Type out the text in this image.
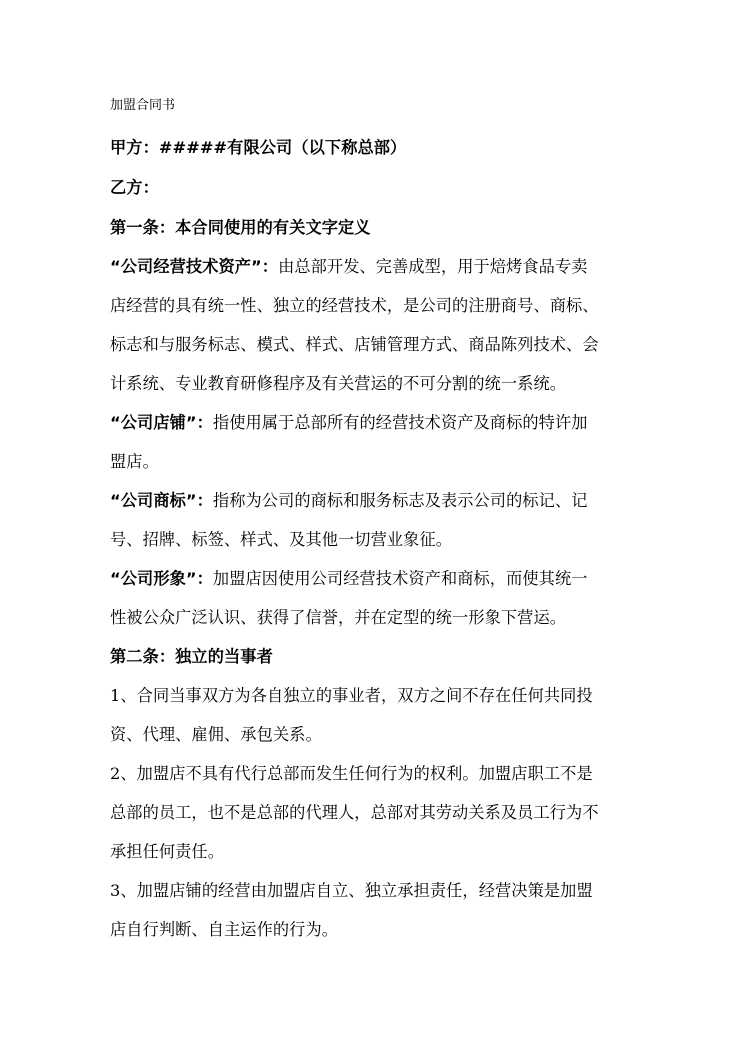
加盟合同书
甲方：#####有限公司（以下称总部）
乙方：
第一条：本合同使用的有关文字定义
“公司经营技术资产”：由总部开发、完善成型，用于焙烤食品专卖
店经营的具有统一性、独立的经营技术，是公司的注册商号、商标、
标志和与服务标志、模式、样式、店铺管理方式、商品陈列技术、会
计系统、专业教育研修程序及有关营运的不可分割的统一系统。
“公司店铺”：指使用属于总部所有的经营技术资产及商标的特许加
盟店。
“公司商标”：指称为公司的商标和服务标志及表示公司的标记、记
号、招牌、标签、样式、及其他一切营业象征。
“公司形象”：加盟店因使用公司经营技术资产和商标，而使其统一
性被公众广泛认识、获得了信誉，并在定型的统一形象下营运。
第二条：独立的当事者
1、合同当事双方为各自独立的事业者，双方之间不存在任何共同投
资、代理、雇佣、承包关系。
2、加盟店不具有代行总部而发生任何行为的权利。加盟店职工不是
总部的员工，也不是总部的代理人，总部对其劳动关系及员工行为不
承担任何责任。
3、加盟店铺的经营由加盟店自立、独立承担责任，经营决策是加盟
店自行判断、自主运作的行为。
